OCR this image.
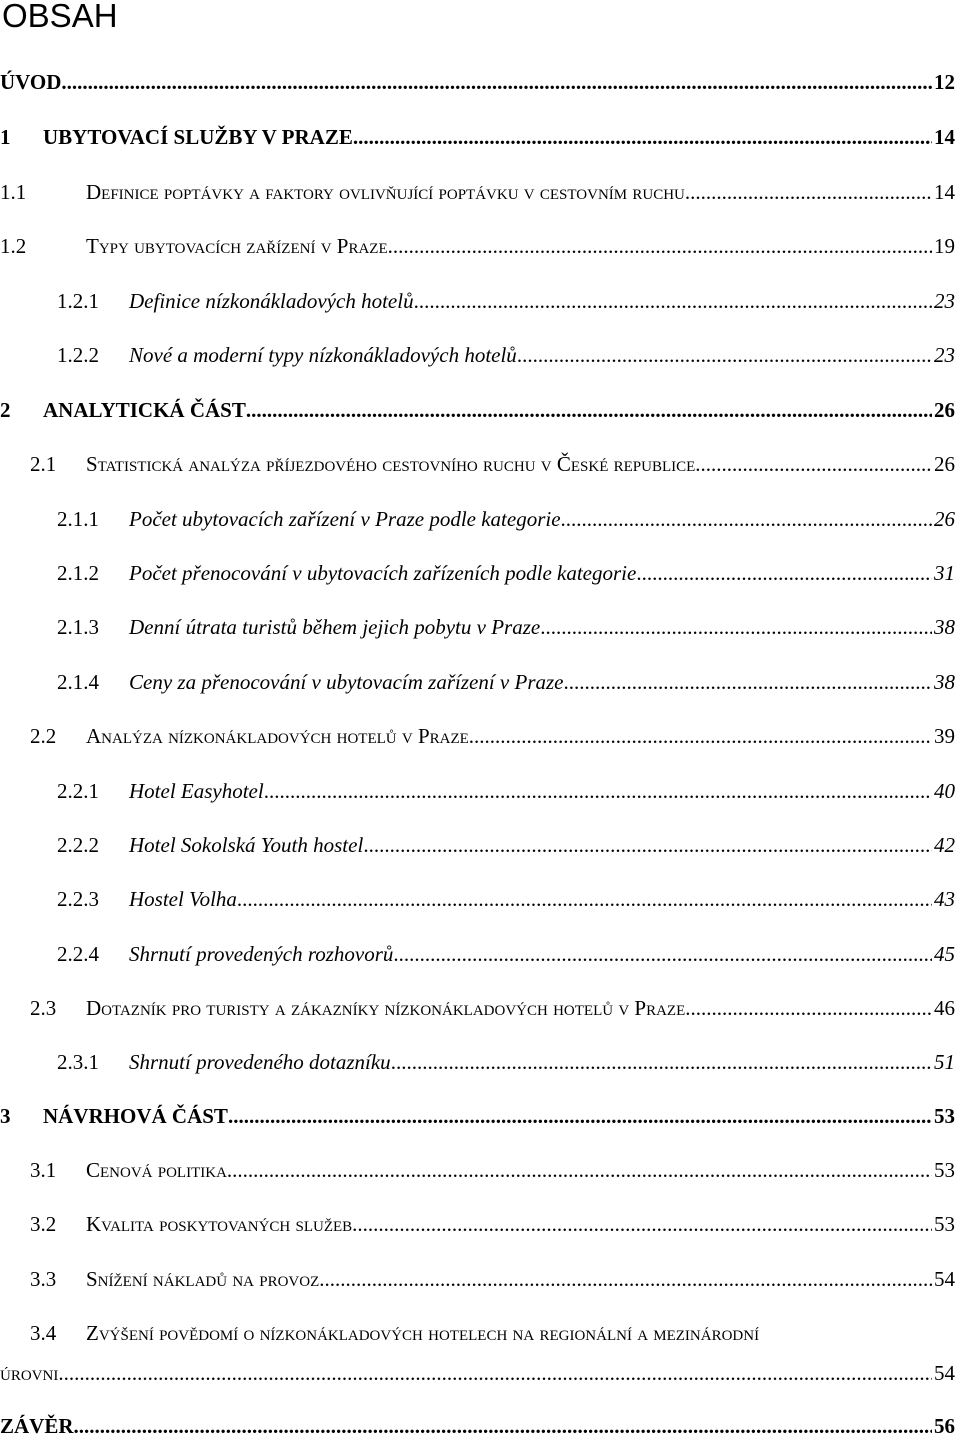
OBSAH
ÚVOD .....	12
1	UBYTOVACÍ SLUŽBY V PRAZE .....	14
1.1	Definice poptávky a faktory ovlivňující poptávku v cestovním ruchu .....	14
1.2	Typy ubytovacích zařízení v Praze .....	19
1.2.1	Definice nízkonákladových hotelů .....	23
1.2.2	Nové a moderní typy nízkonákladových hotelů .....	23
2	ANALYTICKÁ ČÁST .....	26
2.1	Statistická analýza příjezdového cestovního ruchu v České republice .....	26
2.1.1	Počet ubytovacích zařízení v Praze podle kategorie .....	26
2.1.2	Počet přenocování v ubytovacích zařízeních podle kategorie .....	31
2.1.3	Denní útrata turistů během jejich pobytu v Praze .....	38
2.1.4	Ceny za přenocování v ubytovacím zařízení v Praze .....	38
2.2	Analýza nízkonákladových hotelů v Praze .....	39
2.2.1	Hotel Easyhotel .....	40
2.2.2	Hotel Sokolská Youth hostel .....	42
2.2.3	Hostel Volha .....	43
2.2.4	Shrnutí provedených rozhovorů .....	45
2.3	Dotazník pro turisty a zákazníky nízkonákladových hotelů v Praze .....	46
2.3.1	Shrnutí provedeného dotazníku .....	51
3	NÁVRHOVÁ ČÁST .....	53
3.1	Cenová politika .....	53
3.2	Kvalita poskytovaných služeb .....	53
3.3	Snížení nákladů na provoz .....	54
3.4	Zvýšení povědomí o nízkonákladových hotelech na regionální a mezinárodní
úrovni .....	54
ZÁVĚR .....	56
